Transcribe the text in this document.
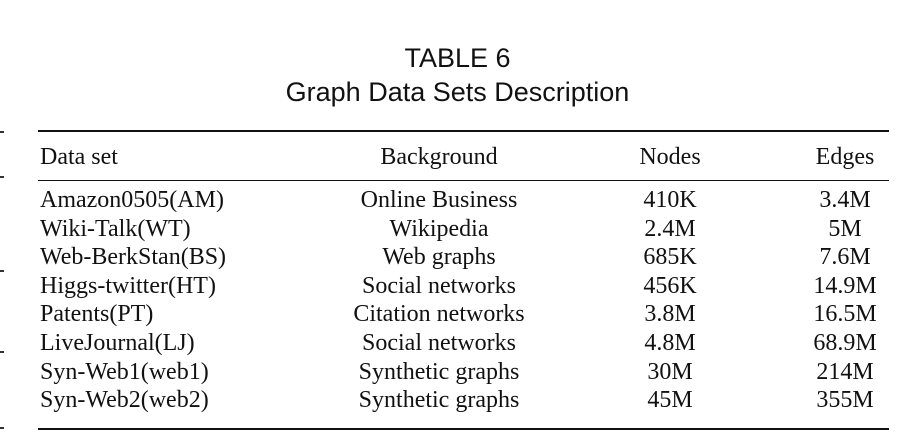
TABLE 6
Graph Data Sets Description
Data set	Background	Nodes	Edges
Amazon0505(AM)	Online Business	410K	3.4M
Wiki-Talk(WT)	Wikipedia	2.4M	5M
Web-BerkStan(BS)	Web graphs	685K	7.6M
Higgs-twitter(HT)	Social networks	456K	14.9M
Patents(PT)	Citation networks	3.8M	16.5M
LiveJournal(LJ)	Social networks	4.8M	68.9M
Syn-Web1(web1)	Synthetic graphs	30M	214M
Syn-Web2(web2)	Synthetic graphs	45M	355M
